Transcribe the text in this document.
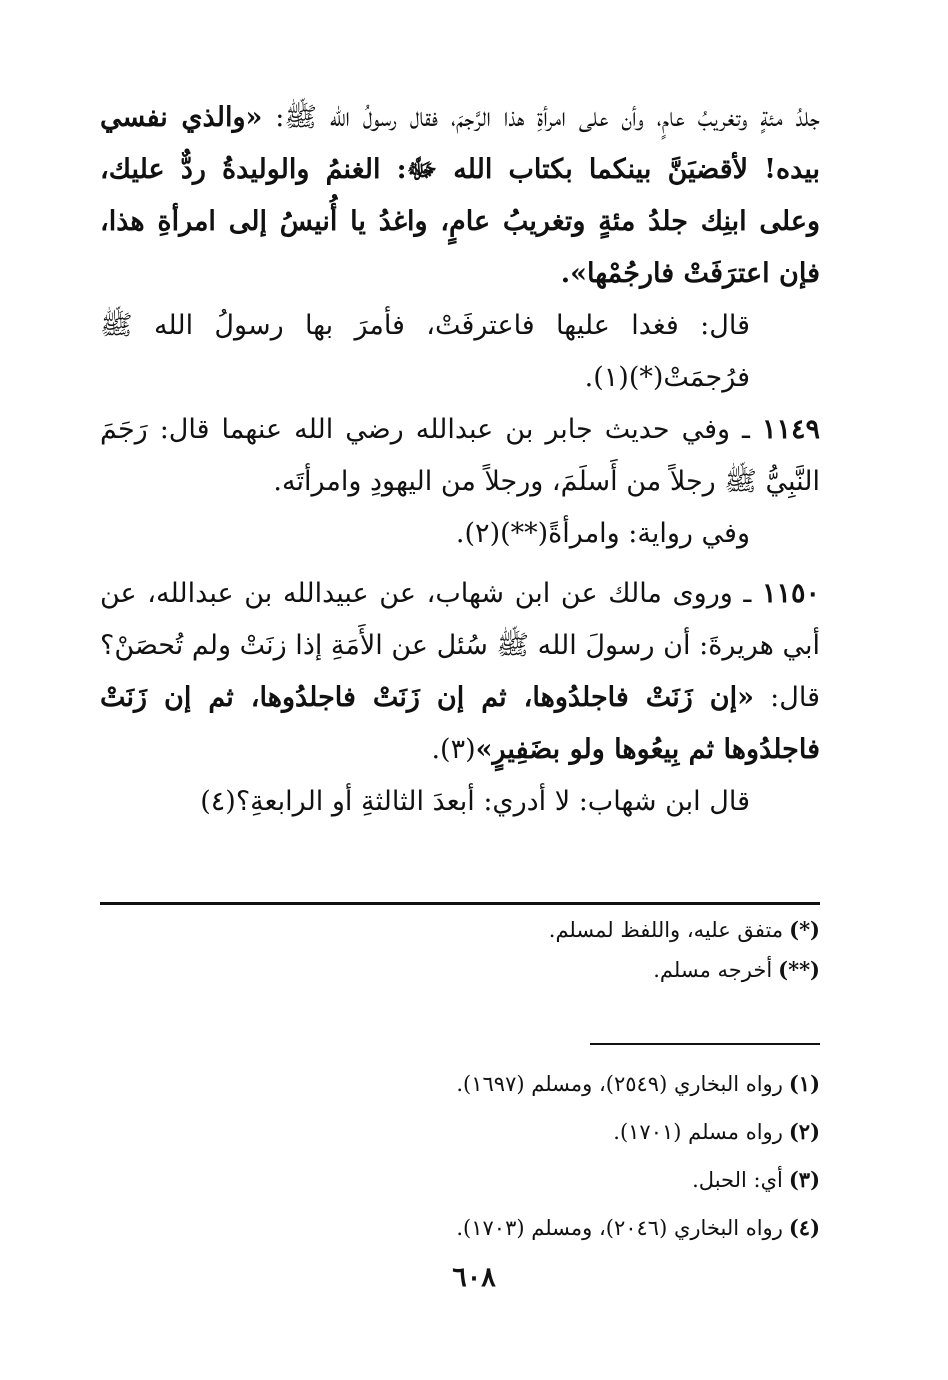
جلدُ مئةٍ وتغريبُ عامٍ، وأن على امرأةِ هذا الرَّجمَ، فقال رسولُ الله ﷺ: «والذي نفسي بيده! لأقضيَنَّ بينكما بكتاب الله ﷻ: الغنمُ والوليدةُ ردٌّ عليك، وعلى ابنِك جلدُ مئةٍ وتغريبُ عامٍ، واغدُ يا أُنيسُ إلى امرأةِ هذا، فإن اعترَفَتْ فارجُمْها».

قال: فغدا عليها فاعترفَتْ، فأمرَ بها رسولُ الله ﷺ فرُجمَتْ(*)(١).

١١٤٩ ـ وفي حديث جابر بن عبدالله رضي الله عنهما قال: رَجَمَ النَّبِيُّ ﷺ رجلاً من أَسلَمَ، ورجلاً من اليهودِ وامرأتَه.

وفي رواية: وامرأةً(**)(٢).

١١٥٠ ـ وروى مالك عن ابن شهاب، عن عبيدالله بن عبدالله، عن أبي هريرةَ: أن رسولَ الله ﷺ سُئل عن الأَمَةِ إذا زنَتْ ولم تُحصَنْ؟ قال: «إن زَنَتْ فاجلدُوها، ثم إن زَنَتْ فاجلدُوها، ثم إن زَنَتْ فاجلدُوها ثم بِيعُوها ولو بضَفِيرٍ»(٣).

قال ابن شهاب: لا أدري: أبعدَ الثالثةِ أو الرابعةِ؟(٤)

(*)متفق عليه، واللفظ لمسلم.

(**)أخرجه مسلم.

(١)رواه البخاري (٢٥٤٩)، ومسلم (١٦٩٧).

(٢)رواه مسلم (١٧٠١).

(٣)أي: الحبل.

(٤)رواه البخاري (٢٠٤٦)، ومسلم (١٧٠٣).

٦٠٨
